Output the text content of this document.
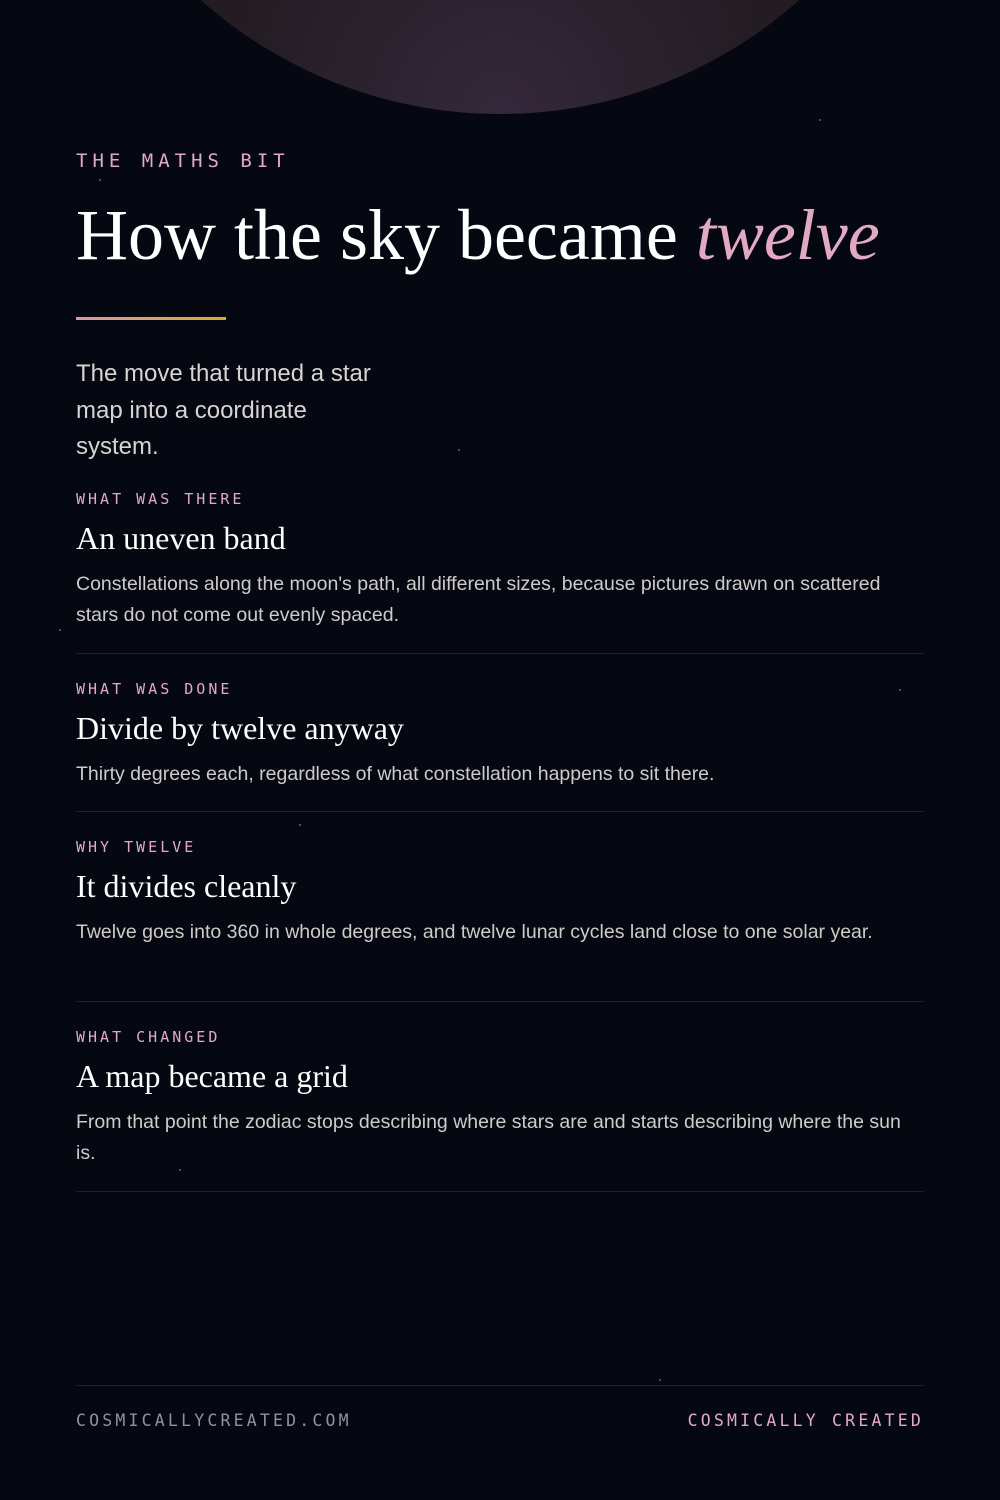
THE MATHS BIT
How the sky became twelve
The move that turned a star map into a coordinate system.
WHAT WAS THERE
An uneven band
Constellations along the moon's path, all different sizes, because pictures drawn on scattered stars do not come out evenly spaced.
WHAT WAS DONE
Divide by twelve anyway
Thirty degrees each, regardless of what constellation happens to sit there.
WHY TWELVE
It divides cleanly
Twelve goes into 360 in whole degrees, and twelve lunar cycles land close to one solar year.
WHAT CHANGED
A map became a grid
From that point the zodiac stops describing where stars are and starts describing where the sun is.
COSMICALLYCREATED.COM	COSMICALLY CREATED
